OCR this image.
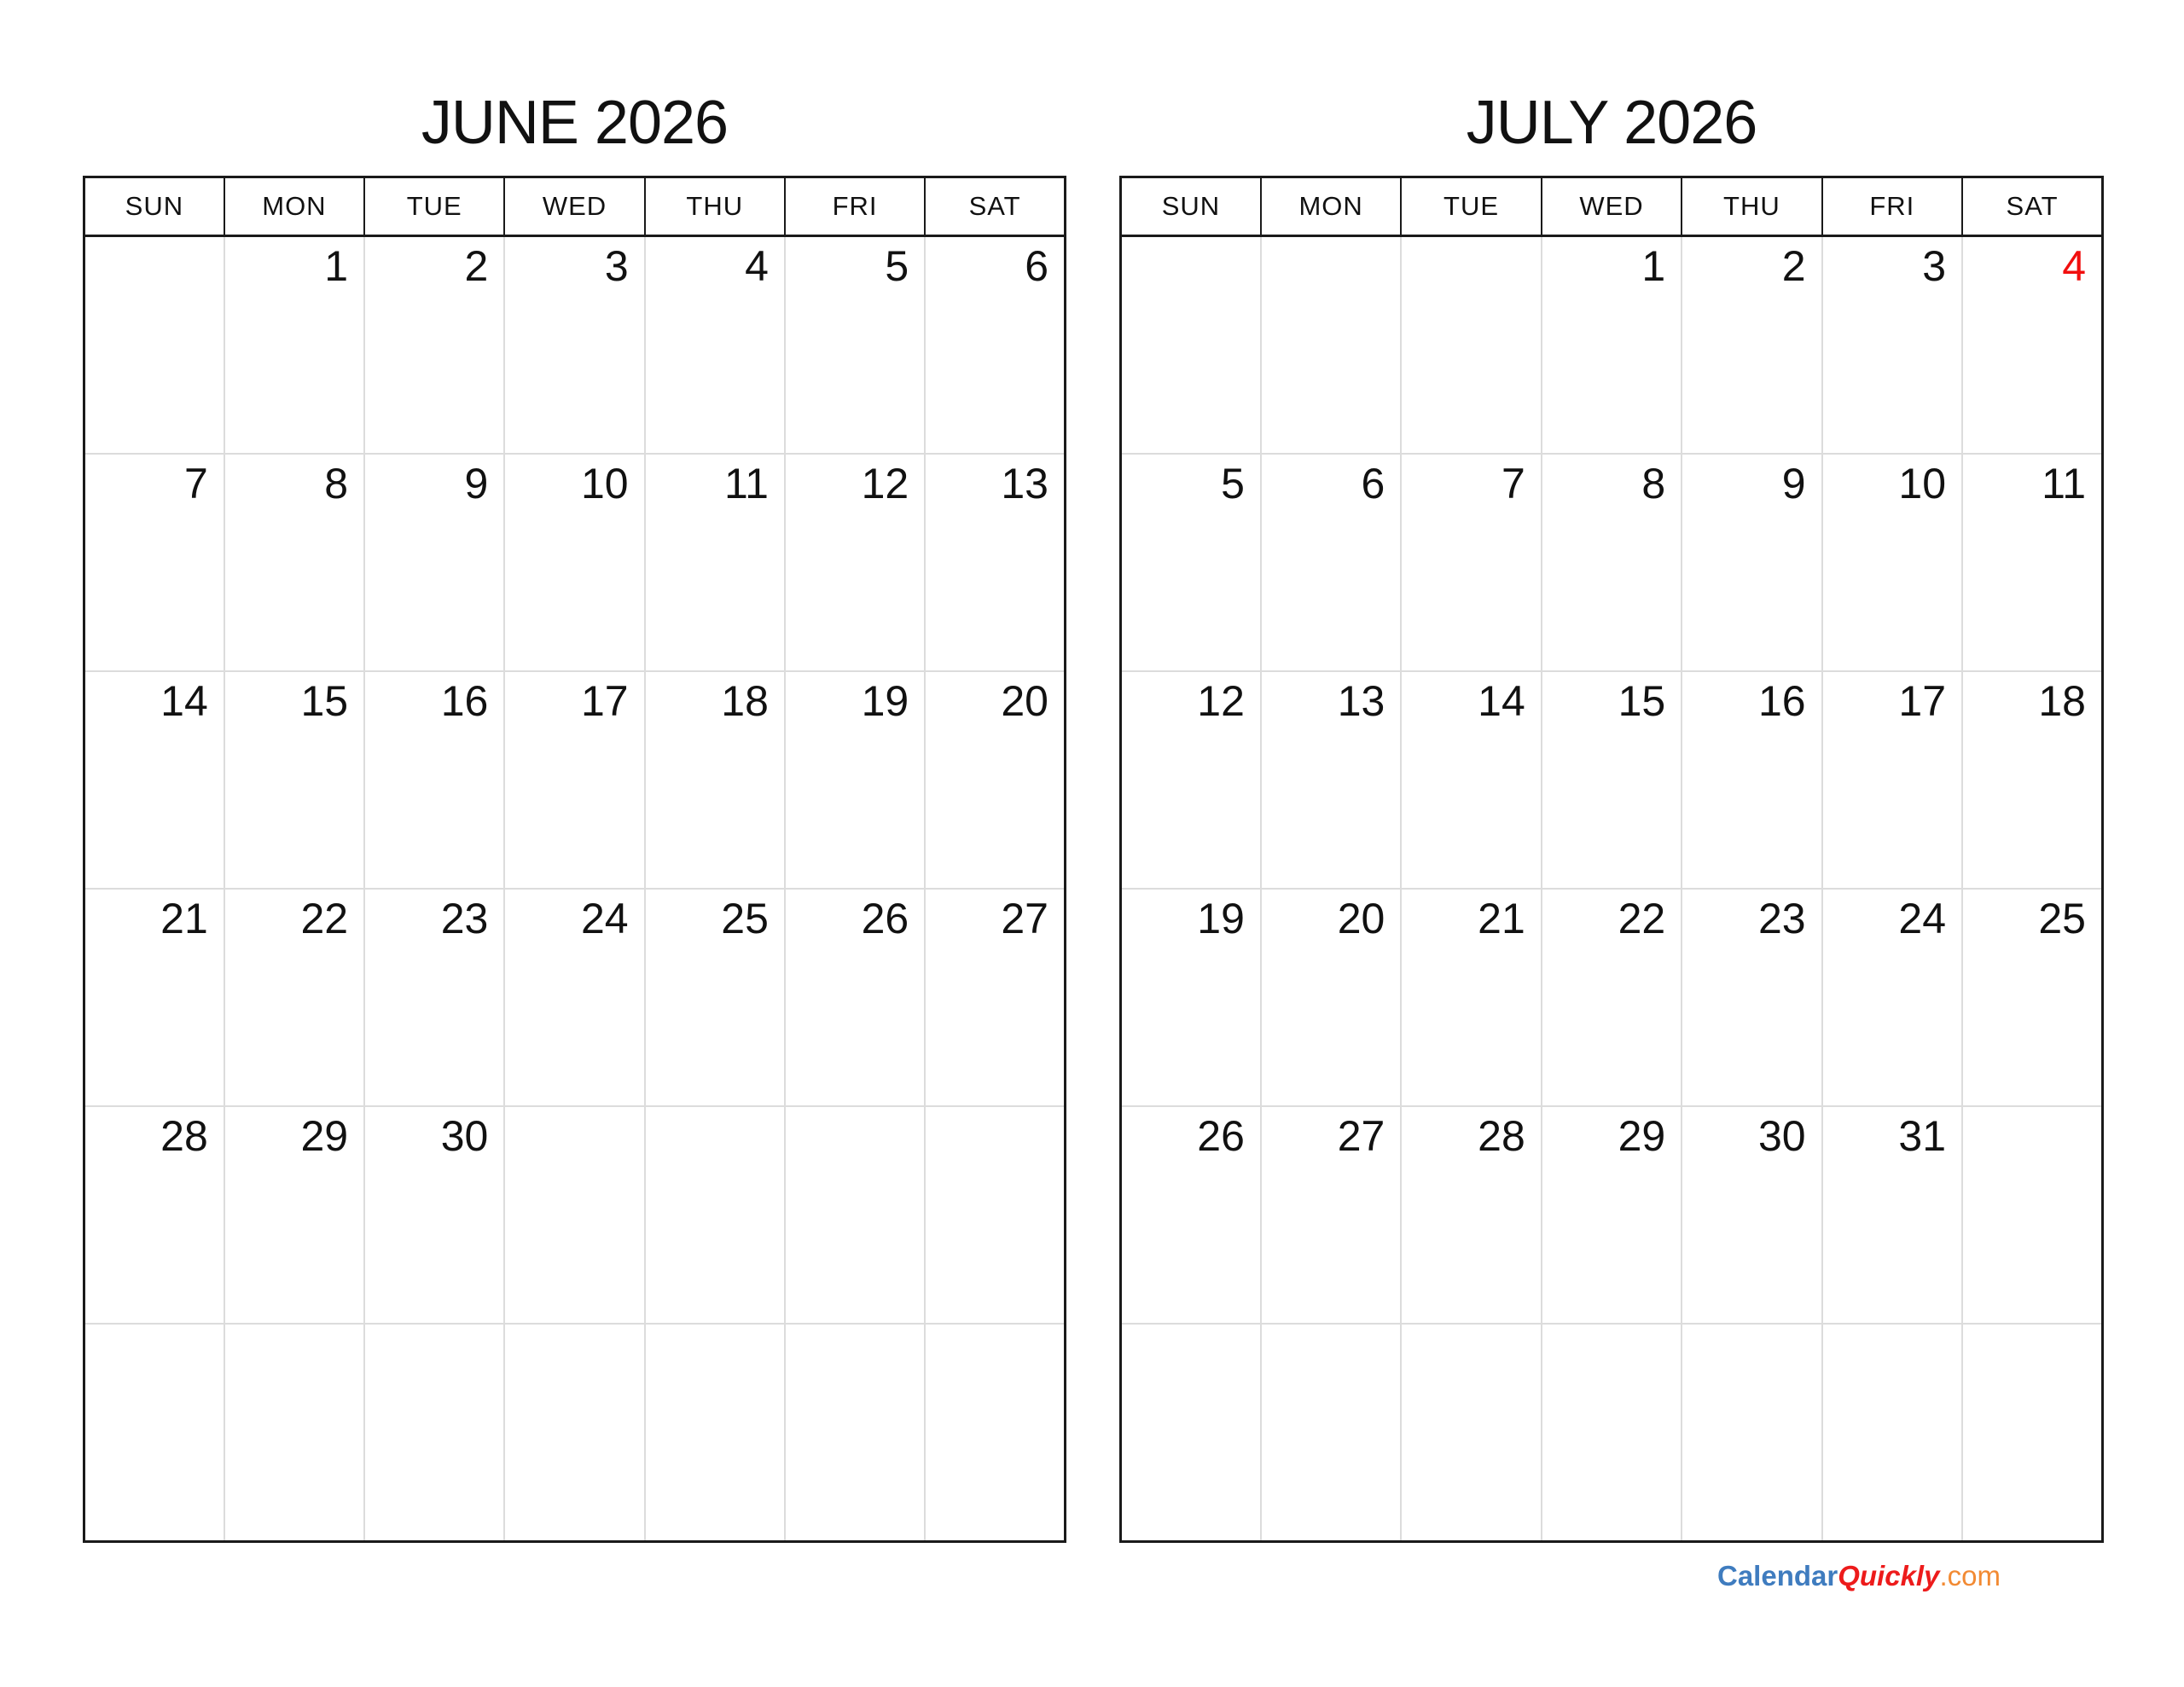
JUNE 2026
SUN	MON	TUE	WED	THU	FRI	SAT
	1	2	3	4	5	6
7	8	9	10	11	12	13
14	15	16	17	18	19	20
21	22	23	24	25	26	27
28	29	30				

JULY 2026
SUN	MON	TUE	WED	THU	FRI	SAT
			1	2	3	4
5	6	7	8	9	10	11
12	13	14	15	16	17	18
19	20	21	22	23	24	25
26	27	28	29	30	31	

CalendarQuickly.com
